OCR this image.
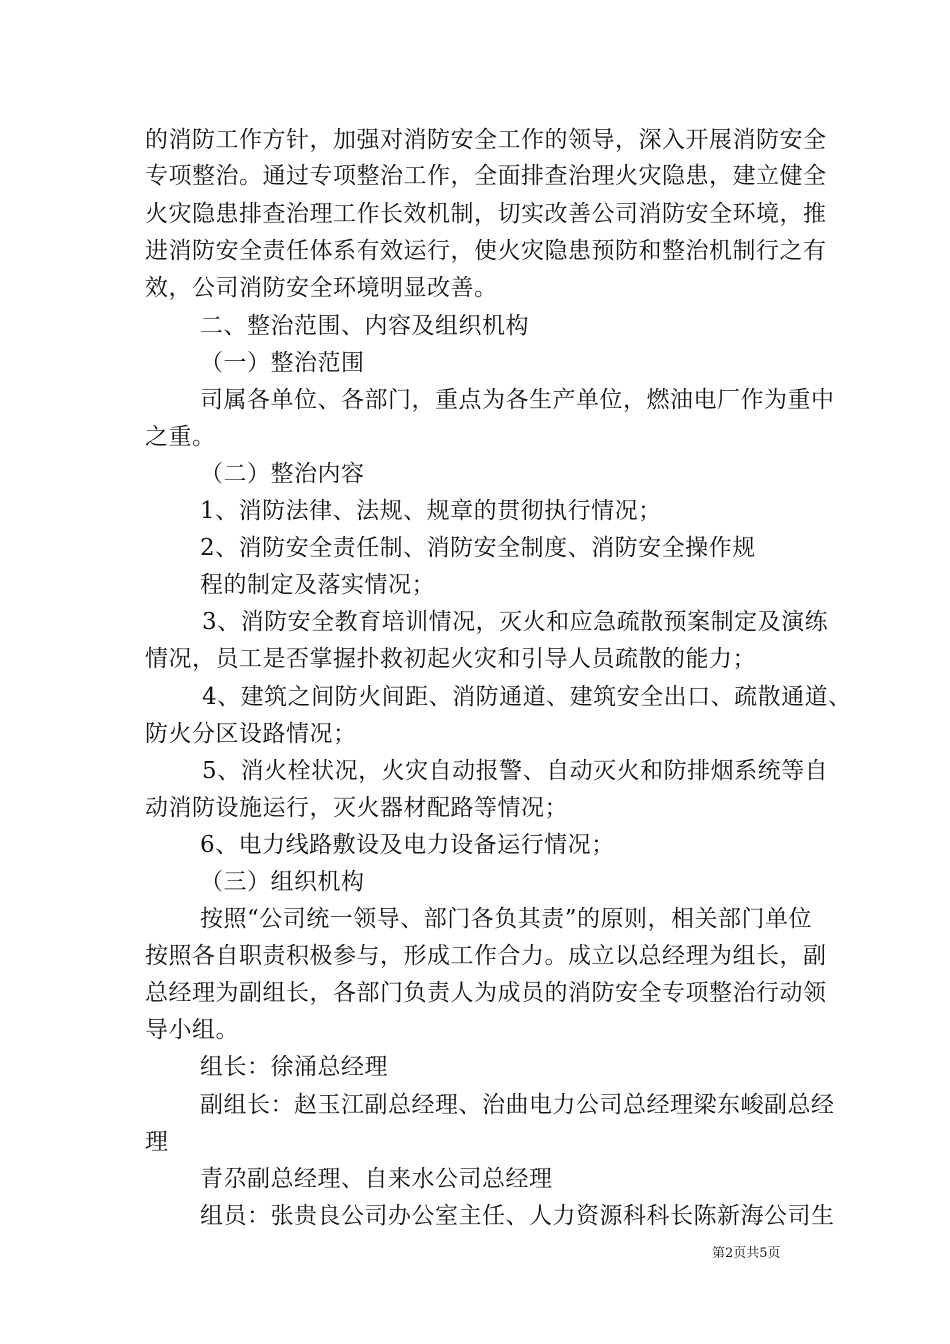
的消防工作方针，加强对消防安全工作的领导，深入开展消防安全
专项整治。通过专项整治工作，全面排查治理火灾隐患，建立健全
火灾隐患排查治理工作长效机制，切实改善公司消防安全环境，推
进消防安全责任体系有效运行，使火灾隐患预防和整治机制行之有
效，公司消防安全环境明显改善。
二、整治范围、内容及组织机构
（一）整治范围
司属各单位、各部门，重点为各生产单位，燃油电厂作为重中
之重。
（二）整治内容
1、消防法律、法规、规章的贯彻执行情况；
2、消防安全责任制、消防安全制度、消防安全操作规
程的制定及落实情况；
3、消防安全教育培训情况，灭火和应急疏散预案制定及演练
情况，员工是否掌握扑救初起火灾和引导人员疏散的能力；
4、建筑之间防火间距、消防通道、建筑安全出口、疏散通道、
防火分区设路情况；
5、消火栓状况，火灾自动报警、自动灭火和防排烟系统等自
动消防设施运行，灭火器材配路等情况；
6、电力线路敷设及电力设备运行情况；
（三）组织机构
按照“公司统一领导、部门各负其责”的原则，相关部门单位
按照各自职责积极参与，形成工作合力。成立以总经理为组长，副
总经理为副组长，各部门负责人为成员的消防安全专项整治行动领
导小组。
组长：徐涌总经理
副组长：赵玉江副总经理、治曲电力公司总经理梁东峻副总经
理
青尕副总经理、自来水公司总经理
组员：张贵良公司办公室主任、人力资源科科长陈新海公司生
第2页共5页
